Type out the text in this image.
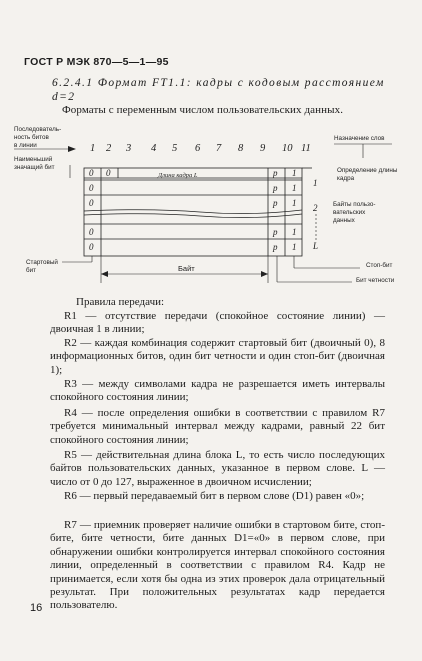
ГОСТ Р МЭК 870—5—1—95
6.2.4.1 Формат FT1.1: кадры с кодовым расстоянием d=2
Форматы с переменным числом пользовательских данных.
Последователь-
ность битов
в линии
Наименьший
значащий бит
1 2 3 4 5 6 7 8 9 10 11
0 0	Длина кадра L	p 1
0	p 1
0	p 1
0	p 1
0	p 1
Назначение слов
Определение длины
кадра
1
2
L
Байты пользо-
вательских
данных
Стоп-бит
Бит четности
Стартовый
бит	Байт
Правила передачи:
R1 — отсутствие передачи (спокойное состояние линии) — двоичная 1 в линии;
R2 — каждая комбинация содержит стартовый бит (двоичный 0), 8 информационных битов, один бит четности и один стоп-бит (двоичная 1);
R3 — между символами кадра не разрешается иметь интервалы спокойного состояния линии;
R4 — после определения ошибки в соответствии с правилом R7 требуется минимальный интервал между кадрами, равный 22 бит спокойного состояния линии;
R5 — действительная длина блока L, то есть число последующих байтов пользовательских данных, указанное в первом слове. L — число от 0 до 127, выраженное в двоичном исчислении;
R6 — первый передаваемый бит в первом слове (D1) равен «0»;
R7 — приемник проверяет наличие ошибки в стартовом бите, стоп-бите, бите четности, бите данных D1=«0» в первом слове, при обнаружении ошибки контролируется интервал спокойного состояния линии, определенный в соответствии с правилом R4. Кадр не принимается, если хотя бы одна из этих проверок дала отрицательный результат. При положительных результатах кадр передается пользователю.
16
